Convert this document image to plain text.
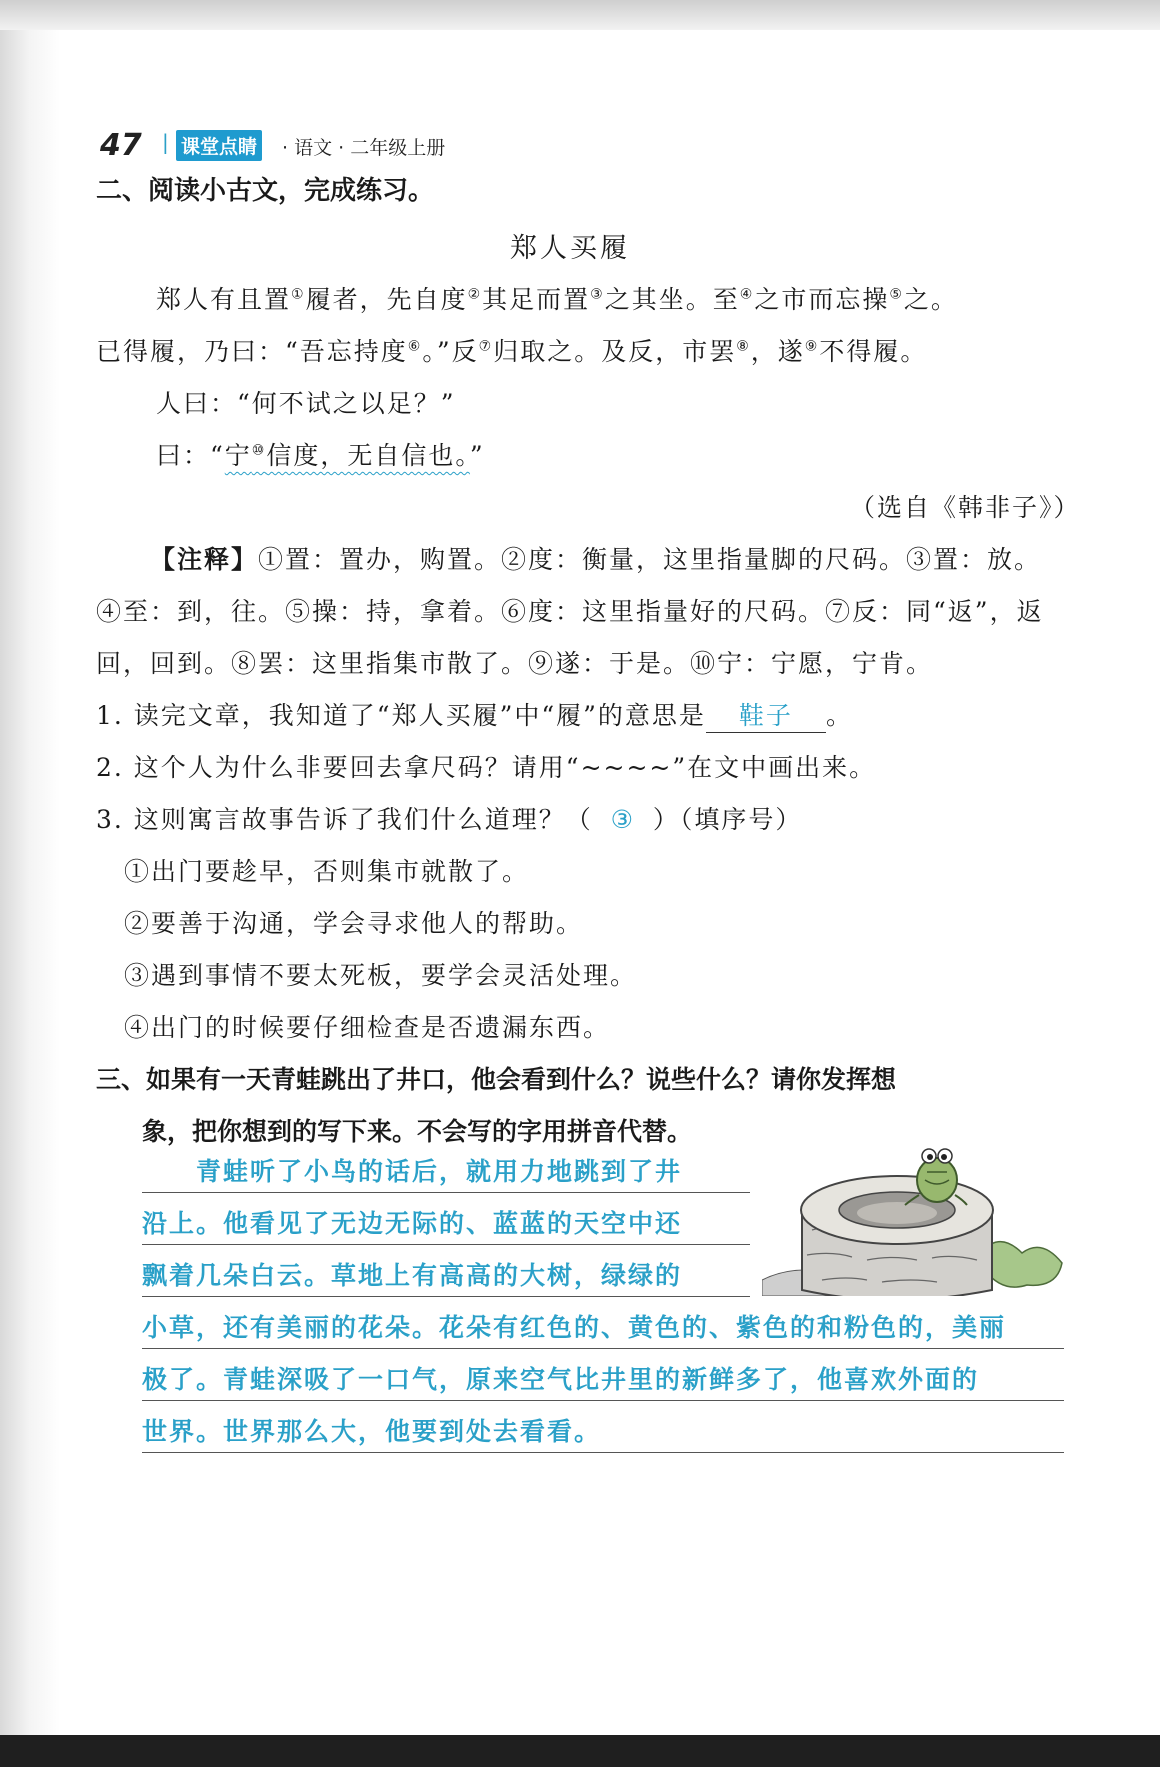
47 | 课堂点睛 · 语文 · 二年级上册
二、阅读小古文，完成练习。
郑人买履
郑人有且置①履者，先自度②其足而置③之其坐。至④之市而忘操⑤之。
已得履，乃曰：“吾忘持度⑥。”反⑦归取之。及反，市罢⑧，遂⑨不得履。
人曰：“何不试之以足？”
曰：“宁⑩信度，无自信也。”
（选自《韩非子》）
【注释】①置：置办，购置。②度：衡量，这里指量脚的尺码。③置：放。
④至：到，往。⑤操：持，拿着。⑥度：这里指量好的尺码。⑦反：同“返”，返
回，回到。⑧罢：这里指集市散了。⑨遂：于是。⑩宁：宁愿，宁肯。
1. 读完文章，我知道了“郑人买履”中“履”的意思是 鞋子 。
2. 这个人为什么非要回去拿尺码？请用“~~~~”在文中画出来。
3. 这则寓言故事告诉了我们什么道理？（ ③ ）（填序号）
①出门要趁早，否则集市就散了。
②要善于沟通，学会寻求他人的帮助。
③遇到事情不要太死板，要学会灵活处理。
④出门的时候要仔细检查是否遗漏东西。
三、如果有一天青蛙跳出了井口，他会看到什么？说些什么？请你发挥想
象，把你想到的写下来。不会写的字用拼音代替。
　　青蛙听了小鸟的话后，就用力地跳到了井
沿上。他看见了无边无际的、蓝蓝的天空中还
飘着几朵白云。草地上有高高的大树，绿绿的
小草，还有美丽的花朵。花朵有红色的、黄色的、紫色的和粉色的，美丽
极了。青蛙深吸了一口气，原来空气比井里的新鲜多了，他喜欢外面的
世界。世界那么大，他要到处去看看。
